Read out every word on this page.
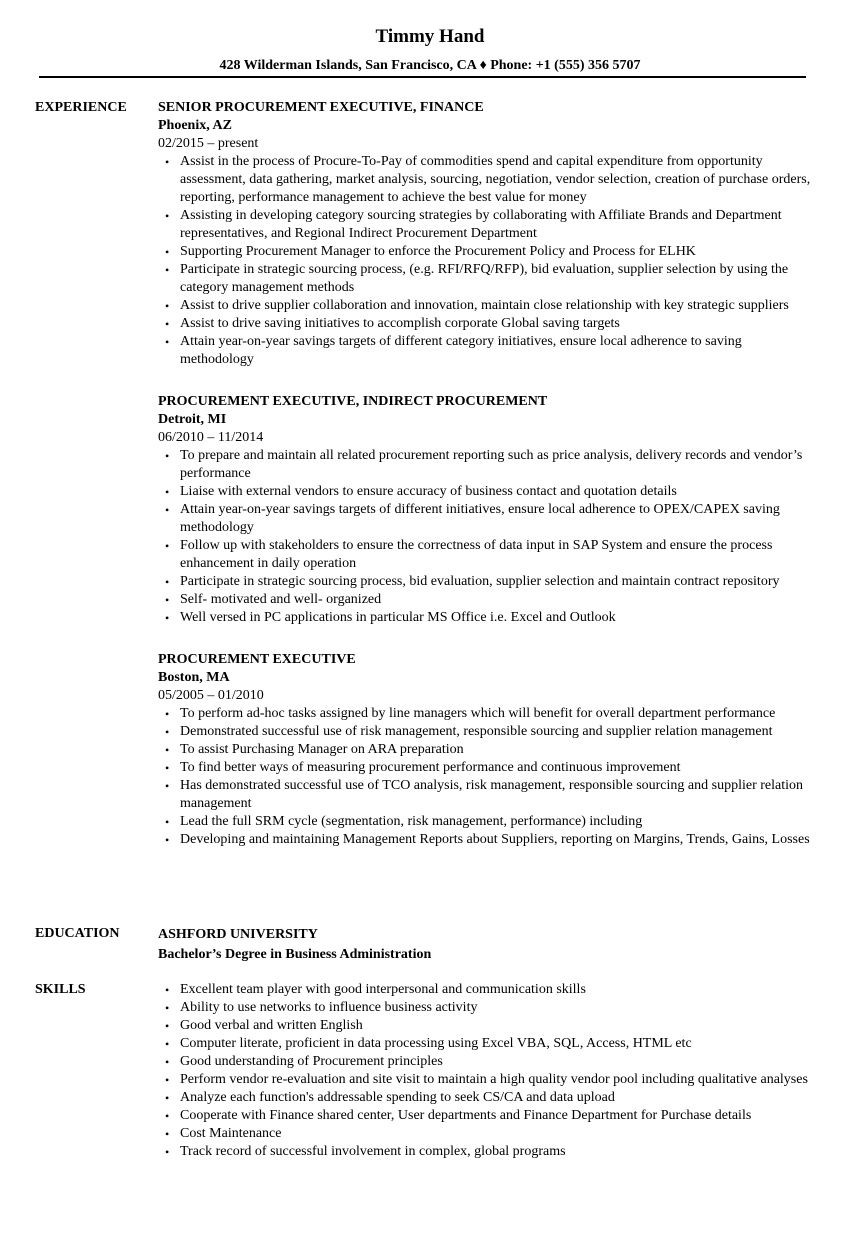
Timmy Hand
428 Wilderman Islands, San Francisco, CA ♦ Phone: +1 (555) 356 5707
EXPERIENCE SENIOR PROCUREMENT EXECUTIVE, FINANCE
Phoenix, AZ
02/2015 – present
• Assist in the process of Procure-To-Pay of commodities spend and capital expenditure from opportunity assessment, data gathering, market analysis, sourcing, negotiation, vendor selection, creation of purchase orders, reporting, performance management to achieve the best value for money
• Assisting in developing category sourcing strategies by collaborating with Affiliate Brands and Department representatives, and Regional Indirect Procurement Department
• Supporting Procurement Manager to enforce the Procurement Policy and Process for ELHK
• Participate in strategic sourcing process, (e.g. RFI/RFQ/RFP), bid evaluation, supplier selection by using the category management methods
• Assist to drive supplier collaboration and innovation, maintain close relationship with key strategic suppliers
• Assist to drive saving initiatives to accomplish corporate Global saving targets
• Attain year-on-year savings targets of different category initiatives, ensure local adherence to saving methodology
PROCUREMENT EXECUTIVE, INDIRECT PROCUREMENT
Detroit, MI
06/2010 – 11/2014
• To prepare and maintain all related procurement reporting such as price analysis, delivery records and vendor’s performance
• Liaise with external vendors to ensure accuracy of business contact and quotation details
• Attain year-on-year savings targets of different initiatives, ensure local adherence to OPEX/CAPEX saving methodology
• Follow up with stakeholders to ensure the correctness of data input in SAP System and ensure the process enhancement in daily operation
• Participate in strategic sourcing process, bid evaluation, supplier selection and maintain contract repository
• Self- motivated and well- organized
• Well versed in PC applications in particular MS Office i.e. Excel and Outlook
PROCUREMENT EXECUTIVE
Boston, MA
05/2005 – 01/2010
• To perform ad-hoc tasks assigned by line managers which will benefit for overall department performance
• Demonstrated successful use of risk management, responsible sourcing and supplier relation management
• To assist Purchasing Manager on ARA preparation
• To find better ways of measuring procurement performance and continuous improvement
• Has demonstrated successful use of TCO analysis, risk management, responsible sourcing and supplier relation management
• Lead the full SRM cycle (segmentation, risk management, performance) including
• Developing and maintaining Management Reports about Suppliers, reporting on Margins, Trends, Gains, Losses
EDUCATION	ASHFORD UNIVERSITY
Bachelor’s Degree in Business Administration
SKILLS	• Excellent team player with good interpersonal and communication skills
• Ability to use networks to influence business activity
• Good verbal and written English
• Computer literate, proficient in data processing using Excel VBA, SQL, Access, HTML etc
• Good understanding of Procurement principles
• Perform vendor re-evaluation and site visit to maintain a high quality vendor pool including qualitative analyses
• Analyze each function's addressable spending to seek CS/CA and data upload
• Cooperate with Finance shared center, User departments and Finance Department for Purchase details
• Cost Maintenance
• Track record of successful involvement in complex, global programs
